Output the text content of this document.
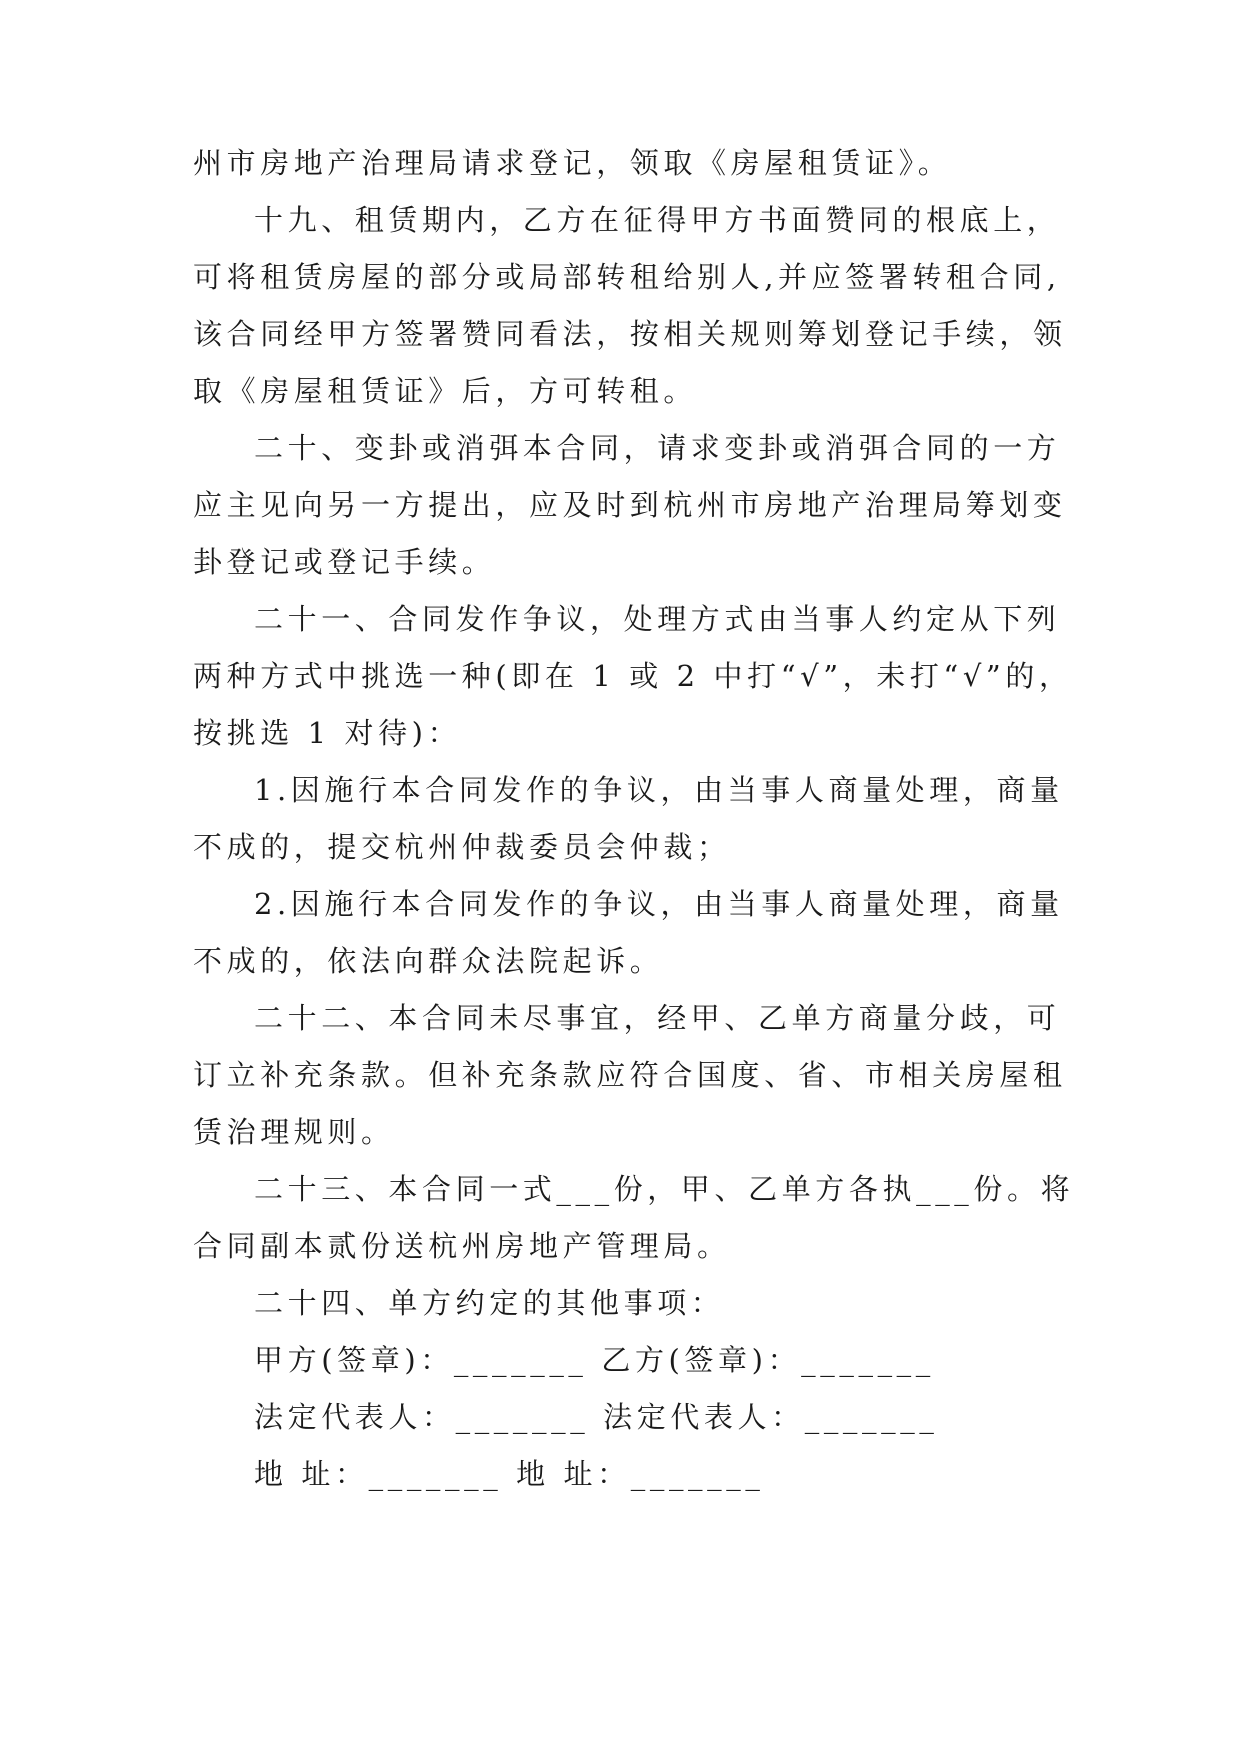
州市房地产治理局请求登记，领取《房屋租赁证》。
十九、租赁期内，乙方在征得甲方书面赞同的根底上，
可将租赁房屋的部分或局部转租给别人,并应签署转租合同,
该合同经甲方签署赞同看法，按相关规则筹划登记手续，领
取《房屋租赁证》后，方可转租。
二十、变卦或消弭本合同，请求变卦或消弭合同的一方
应主见向另一方提出，应及时到杭州市房地产治理局筹划变
卦登记或登记手续。
二十一、合同发作争议，处理方式由当事人约定从下列
两种方式中挑选一种(即在 1 或 2 中打“√”，未打“√”的，
按挑选 1 对待)：
1.因施行本合同发作的争议，由当事人商量处理，商量
不成的，提交杭州仲裁委员会仲裁；
2.因施行本合同发作的争议，由当事人商量处理，商量
不成的，依法向群众法院起诉。
二十二、本合同未尽事宜，经甲、乙单方商量分歧，可
订立补充条款。但补充条款应符合国度、省、市相关房屋租
赁治理规则。
二十三、本合同一式___份，甲、乙单方各执___份。将
合同副本贰份送杭州房地产管理局。
二十四、单方约定的其他事项：
甲方(签章)：_______ 乙方(签章)：_______
法定代表人：_______ 法定代表人：_______
地 址：_______ 地 址：_______
